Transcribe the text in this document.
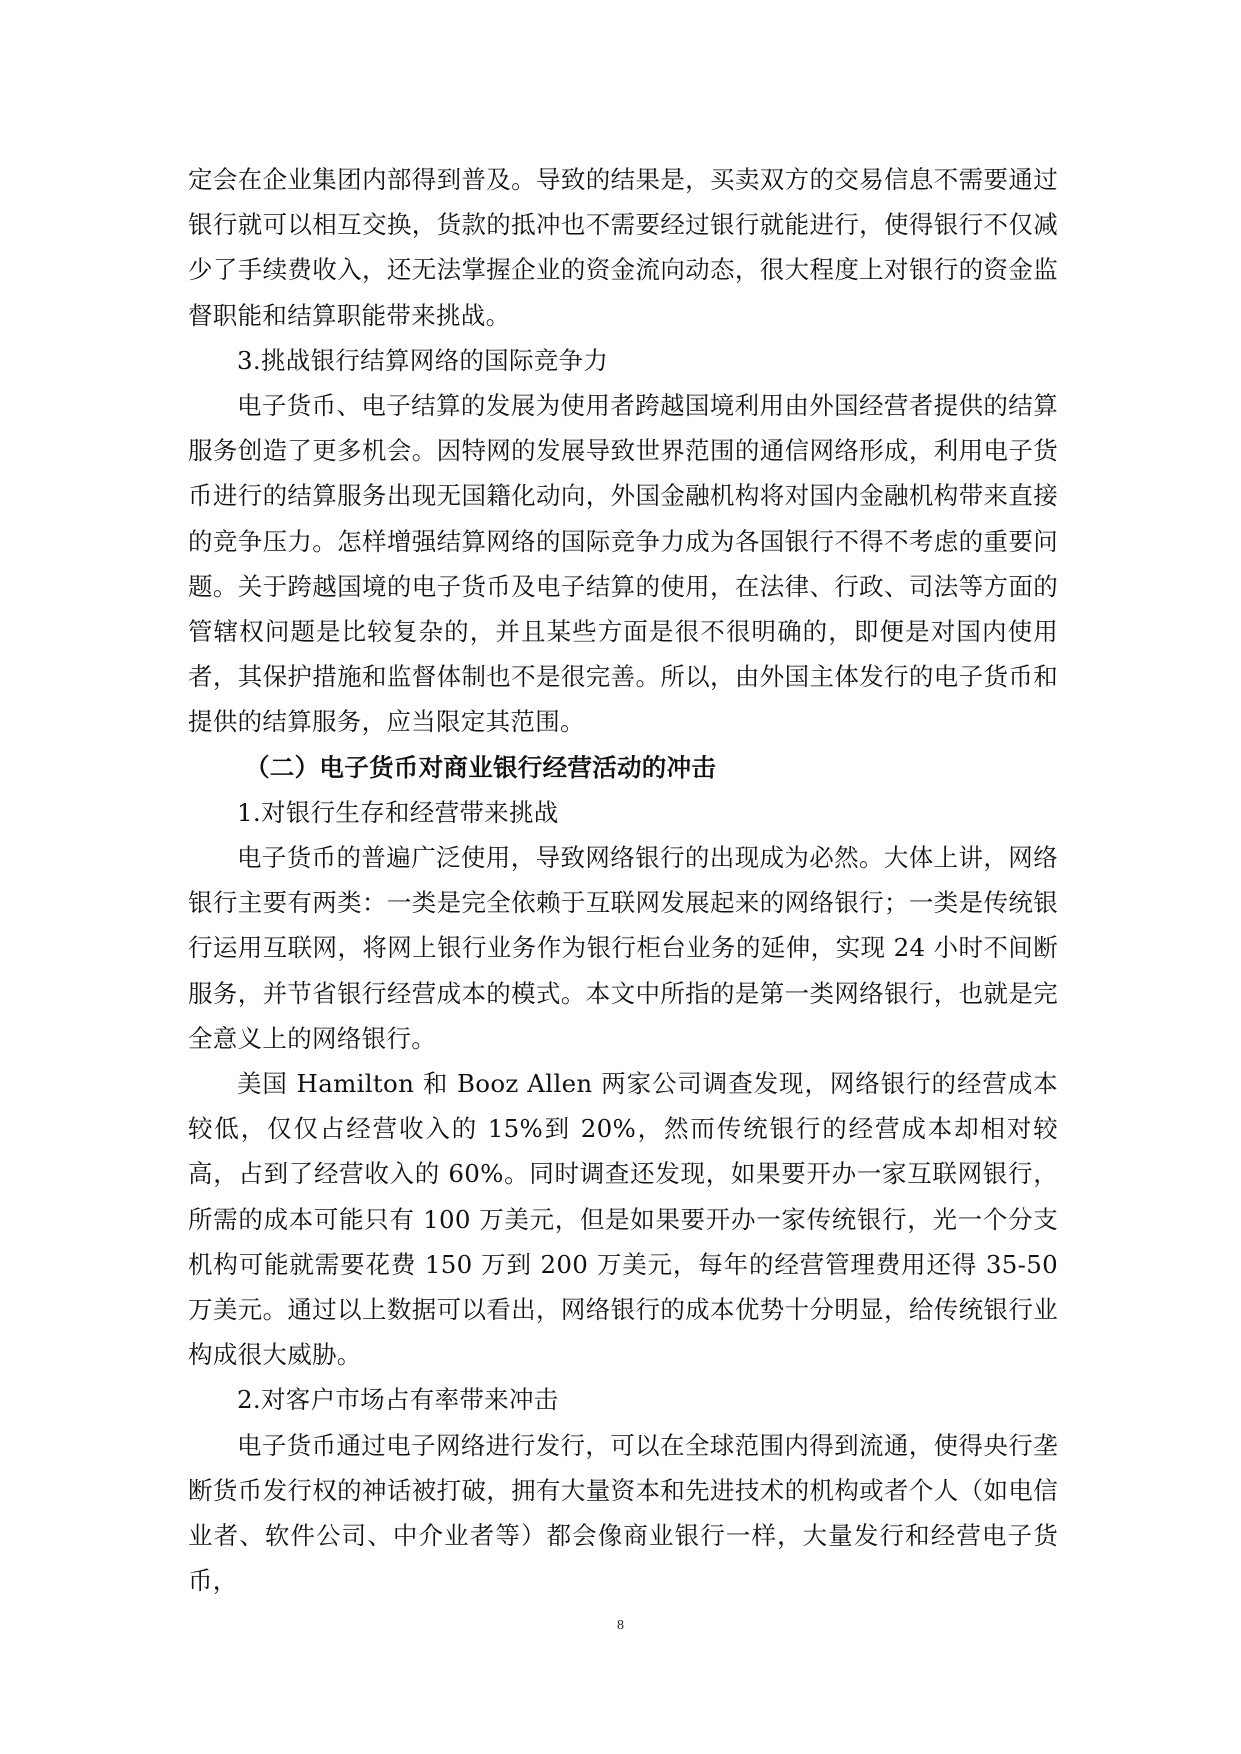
定会在企业集团内部得到普及。导致的结果是，买卖双方的交易信息不需要通过银行就可以相互交换，货款的抵冲也不需要经过银行就能进行，使得银行不仅减少了手续费收入，还无法掌握企业的资金流向动态，很大程度上对银行的资金监督职能和结算职能带来挑战。

3.挑战银行结算网络的国际竞争力

电子货币、电子结算的发展为使用者跨越国境利用由外国经营者提供的结算服务创造了更多机会。因特网的发展导致世界范围的通信网络形成，利用电子货币进行的结算服务出现无国籍化动向，外国金融机构将对国内金融机构带来直接的竞争压力。怎样增强结算网络的国际竞争力成为各国银行不得不考虑的重要问题。关于跨越国境的电子货币及电子结算的使用，在法律、行政、司法等方面的管辖权问题是比较复杂的，并且某些方面是很不很明确的，即便是对国内使用者，其保护措施和监督体制也不是很完善。所以，由外国主体发行的电子货币和提供的结算服务，应当限定其范围。

（二）电子货币对商业银行经营活动的冲击

1.对银行生存和经营带来挑战

电子货币的普遍广泛使用，导致网络银行的出现成为必然。大体上讲，网络银行主要有两类：一类是完全依赖于互联网发展起来的网络银行；一类是传统银行运用互联网，将网上银行业务作为银行柜台业务的延伸，实现 24 小时不间断服务，并节省银行经营成本的模式。本文中所指的是第一类网络银行，也就是完全意义上的网络银行。

美国 Hamilton 和 Booz Allen 两家公司调查发现，网络银行的经营成本较低，仅仅占经营收入的 15%到 20%，然而传统银行的经营成本却相对较高，占到了经营收入的 60%。同时调查还发现，如果要开办一家互联网银行，所需的成本可能只有 100 万美元，但是如果要开办一家传统银行，光一个分支机构可能就需要花费 150 万到 200 万美元，每年的经营管理费用还得 35-50 万美元。通过以上数据可以看出，网络银行的成本优势十分明显，给传统银行业构成很大威胁。

2.对客户市场占有率带来冲击

电子货币通过电子网络进行发行，可以在全球范围内得到流通，使得央行垄断货币发行权的神话被打破，拥有大量资本和先进技术的机构或者个人（如电信业者、软件公司、中介业者等）都会像商业银行一样，大量发行和经营电子货币，

8
